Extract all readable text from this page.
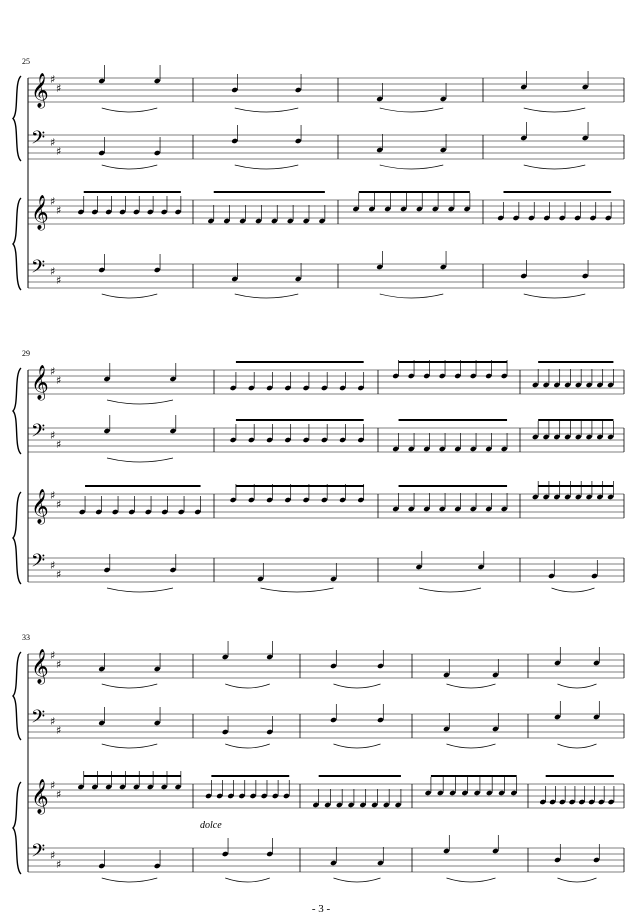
25
𝄞 ♯
♯
𝄢 ♯
♯
𝄞 ♯
♯
𝄢 ♯
♯
29
𝄞 ♯
♯
𝄢 ♯
♯
𝄞 ♯
♯
𝄢 ♯
♯
33
𝄞 ♯
♯
𝄢 ♯
♯
𝄞 ♯
♯
𝄢 ♯
♯
dolce
- 3 -
